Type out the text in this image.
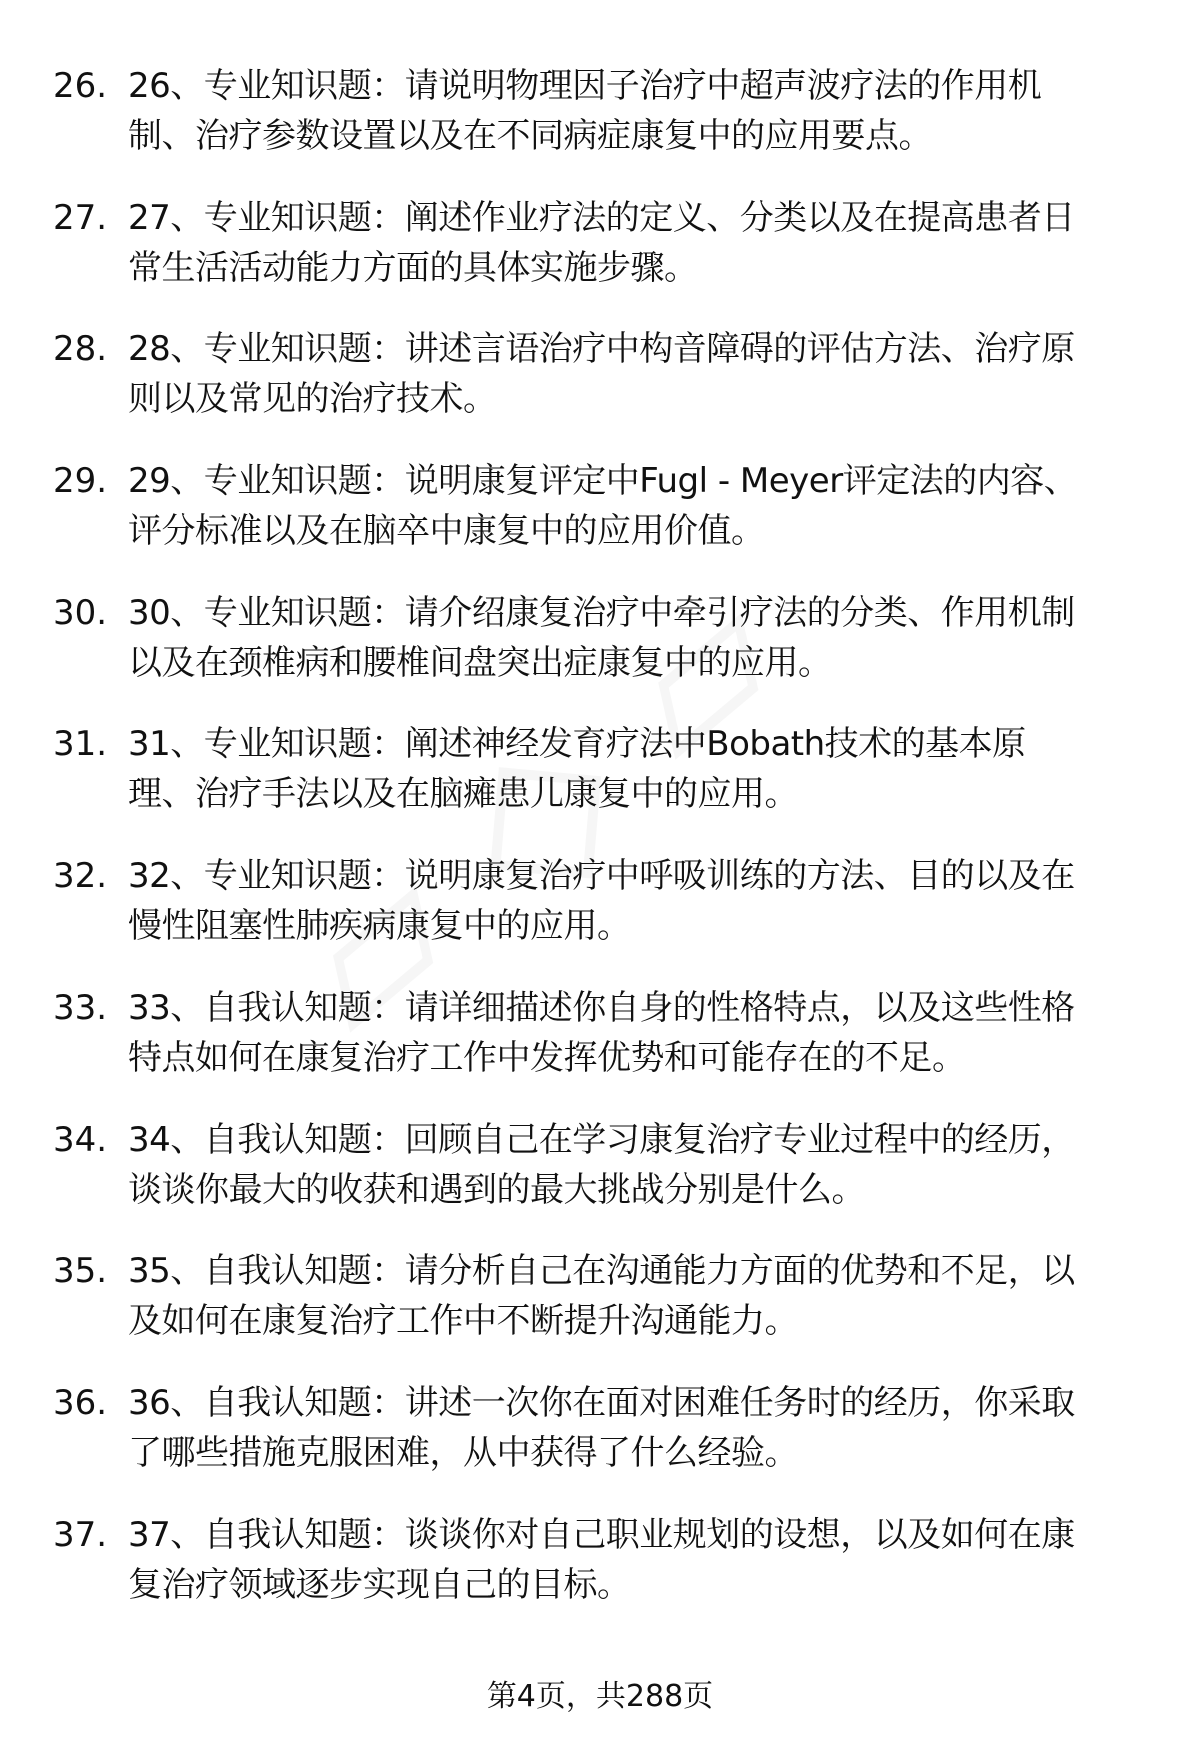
26. 26、专业知识题：请说明物理因子治疗中超声波疗法的作用机
制、治疗参数设置以及在不同病症康复中的应用要点。
27. 27、专业知识题：阐述作业疗法的定义、分类以及在提高患者日
常生活活动能力方面的具体实施步骤。
28. 28、专业知识题：讲述言语治疗中构音障碍的评估方法、治疗原
则以及常见的治疗技术。
29. 29、专业知识题：说明康复评定中Fugl - Meyer评定法的内容、
评分标准以及在脑卒中康复中的应用价值。
30. 30、专业知识题：请介绍康复治疗中牵引疗法的分类、作用机制
以及在颈椎病和腰椎间盘突出症康复中的应用。
31. 31、专业知识题：阐述神经发育疗法中Bobath技术的基本原
理、治疗手法以及在脑瘫患儿康复中的应用。
32. 32、专业知识题：说明康复治疗中呼吸训练的方法、目的以及在
慢性阻塞性肺疾病康复中的应用。
33. 33、自我认知题：请详细描述你自身的性格特点，以及这些性格
特点如何在康复治疗工作中发挥优势和可能存在的不足。
34. 34、自我认知题：回顾自己在学习康复治疗专业过程中的经历，
谈谈你最大的收获和遇到的最大挑战分别是什么。
35. 35、自我认知题：请分析自己在沟通能力方面的优势和不足，以
及如何在康复治疗工作中不断提升沟通能力。
36. 36、自我认知题：讲述一次你在面对困难任务时的经历，你采取
了哪些措施克服困难，从中获得了什么经验。
37. 37、自我认知题：谈谈你对自己职业规划的设想，以及如何在康
复治疗领域逐步实现自己的目标。
第4页，共288页
